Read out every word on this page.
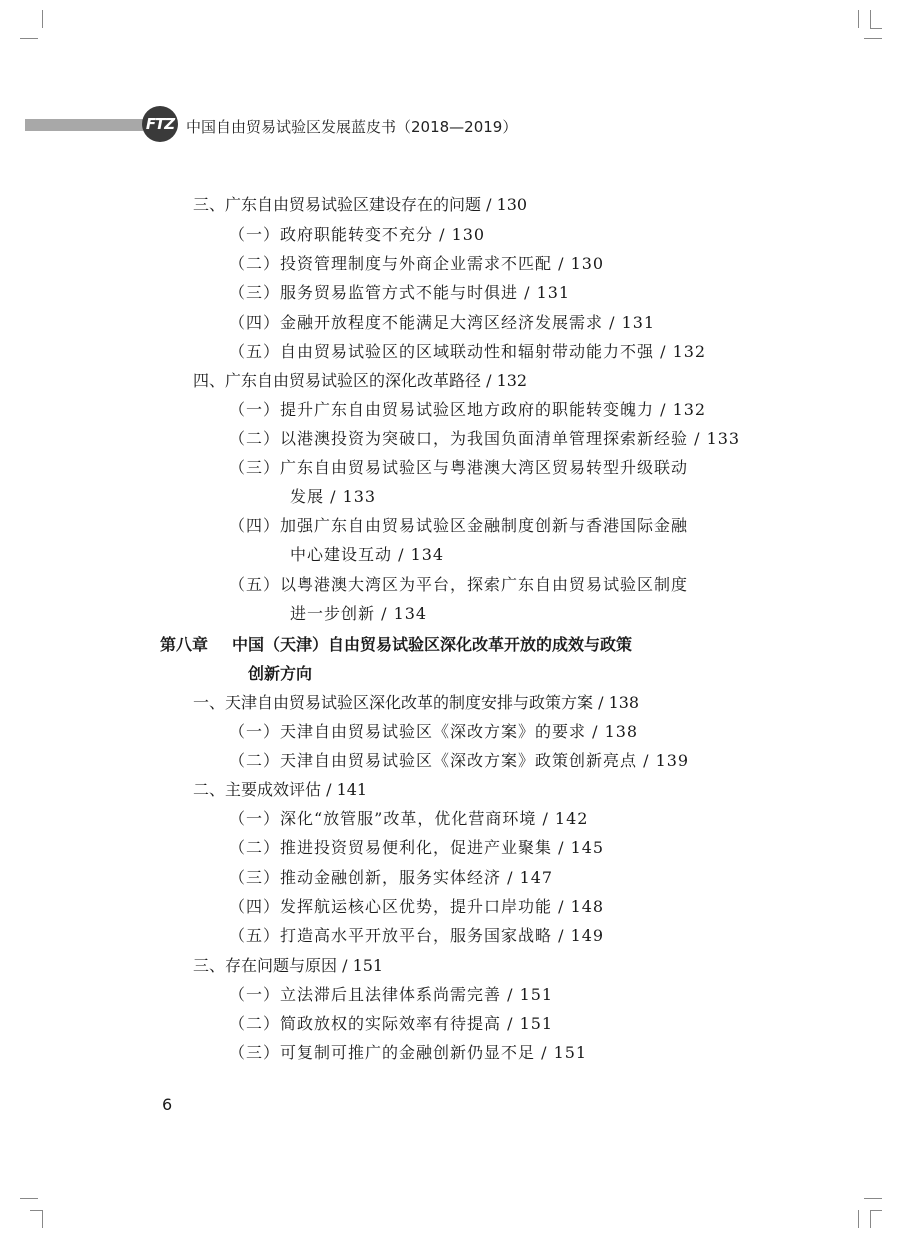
FTZ 中国自由贸易试验区发展蓝皮书（2018—2019）
三、广东自由贸易试验区建设存在的问题 / 130
（一）政府职能转变不充分 / 130
（二）投资管理制度与外商企业需求不匹配 / 130
（三）服务贸易监管方式不能与时俱进 / 131
（四）金融开放程度不能满足大湾区经济发展需求 / 131
（五）自由贸易试验区的区域联动性和辐射带动能力不强 / 132
四、广东自由贸易试验区的深化改革路径 / 132
（一）提升广东自由贸易试验区地方政府的职能转变魄力 / 132
（二）以港澳投资为突破口，为我国负面清单管理探索新经验 / 133
（三）广东自由贸易试验区与粤港澳大湾区贸易转型升级联动
发展 / 133
（四）加强广东自由贸易试验区金融制度创新与香港国际金融
中心建设互动 / 134
（五）以粤港澳大湾区为平台，探索广东自由贸易试验区制度
进一步创新 / 134
第八章 中国（天津）自由贸易试验区深化改革开放的成效与政策
创新方向
一、天津自由贸易试验区深化改革的制度安排与政策方案 / 138
（一）天津自由贸易试验区《深改方案》的要求 / 138
（二）天津自由贸易试验区《深改方案》政策创新亮点 / 139
二、主要成效评估 / 141
（一）深化“放管服”改革，优化营商环境 / 142
（二）推进投资贸易便利化，促进产业聚集 / 145
（三）推动金融创新，服务实体经济 / 147
（四）发挥航运核心区优势，提升口岸功能 / 148
（五）打造高水平开放平台，服务国家战略 / 149
三、存在问题与原因 / 151
（一）立法滞后且法律体系尚需完善 / 151
（二）简政放权的实际效率有待提高 / 151
（三）可复制可推广的金融创新仍显不足 / 151
6
